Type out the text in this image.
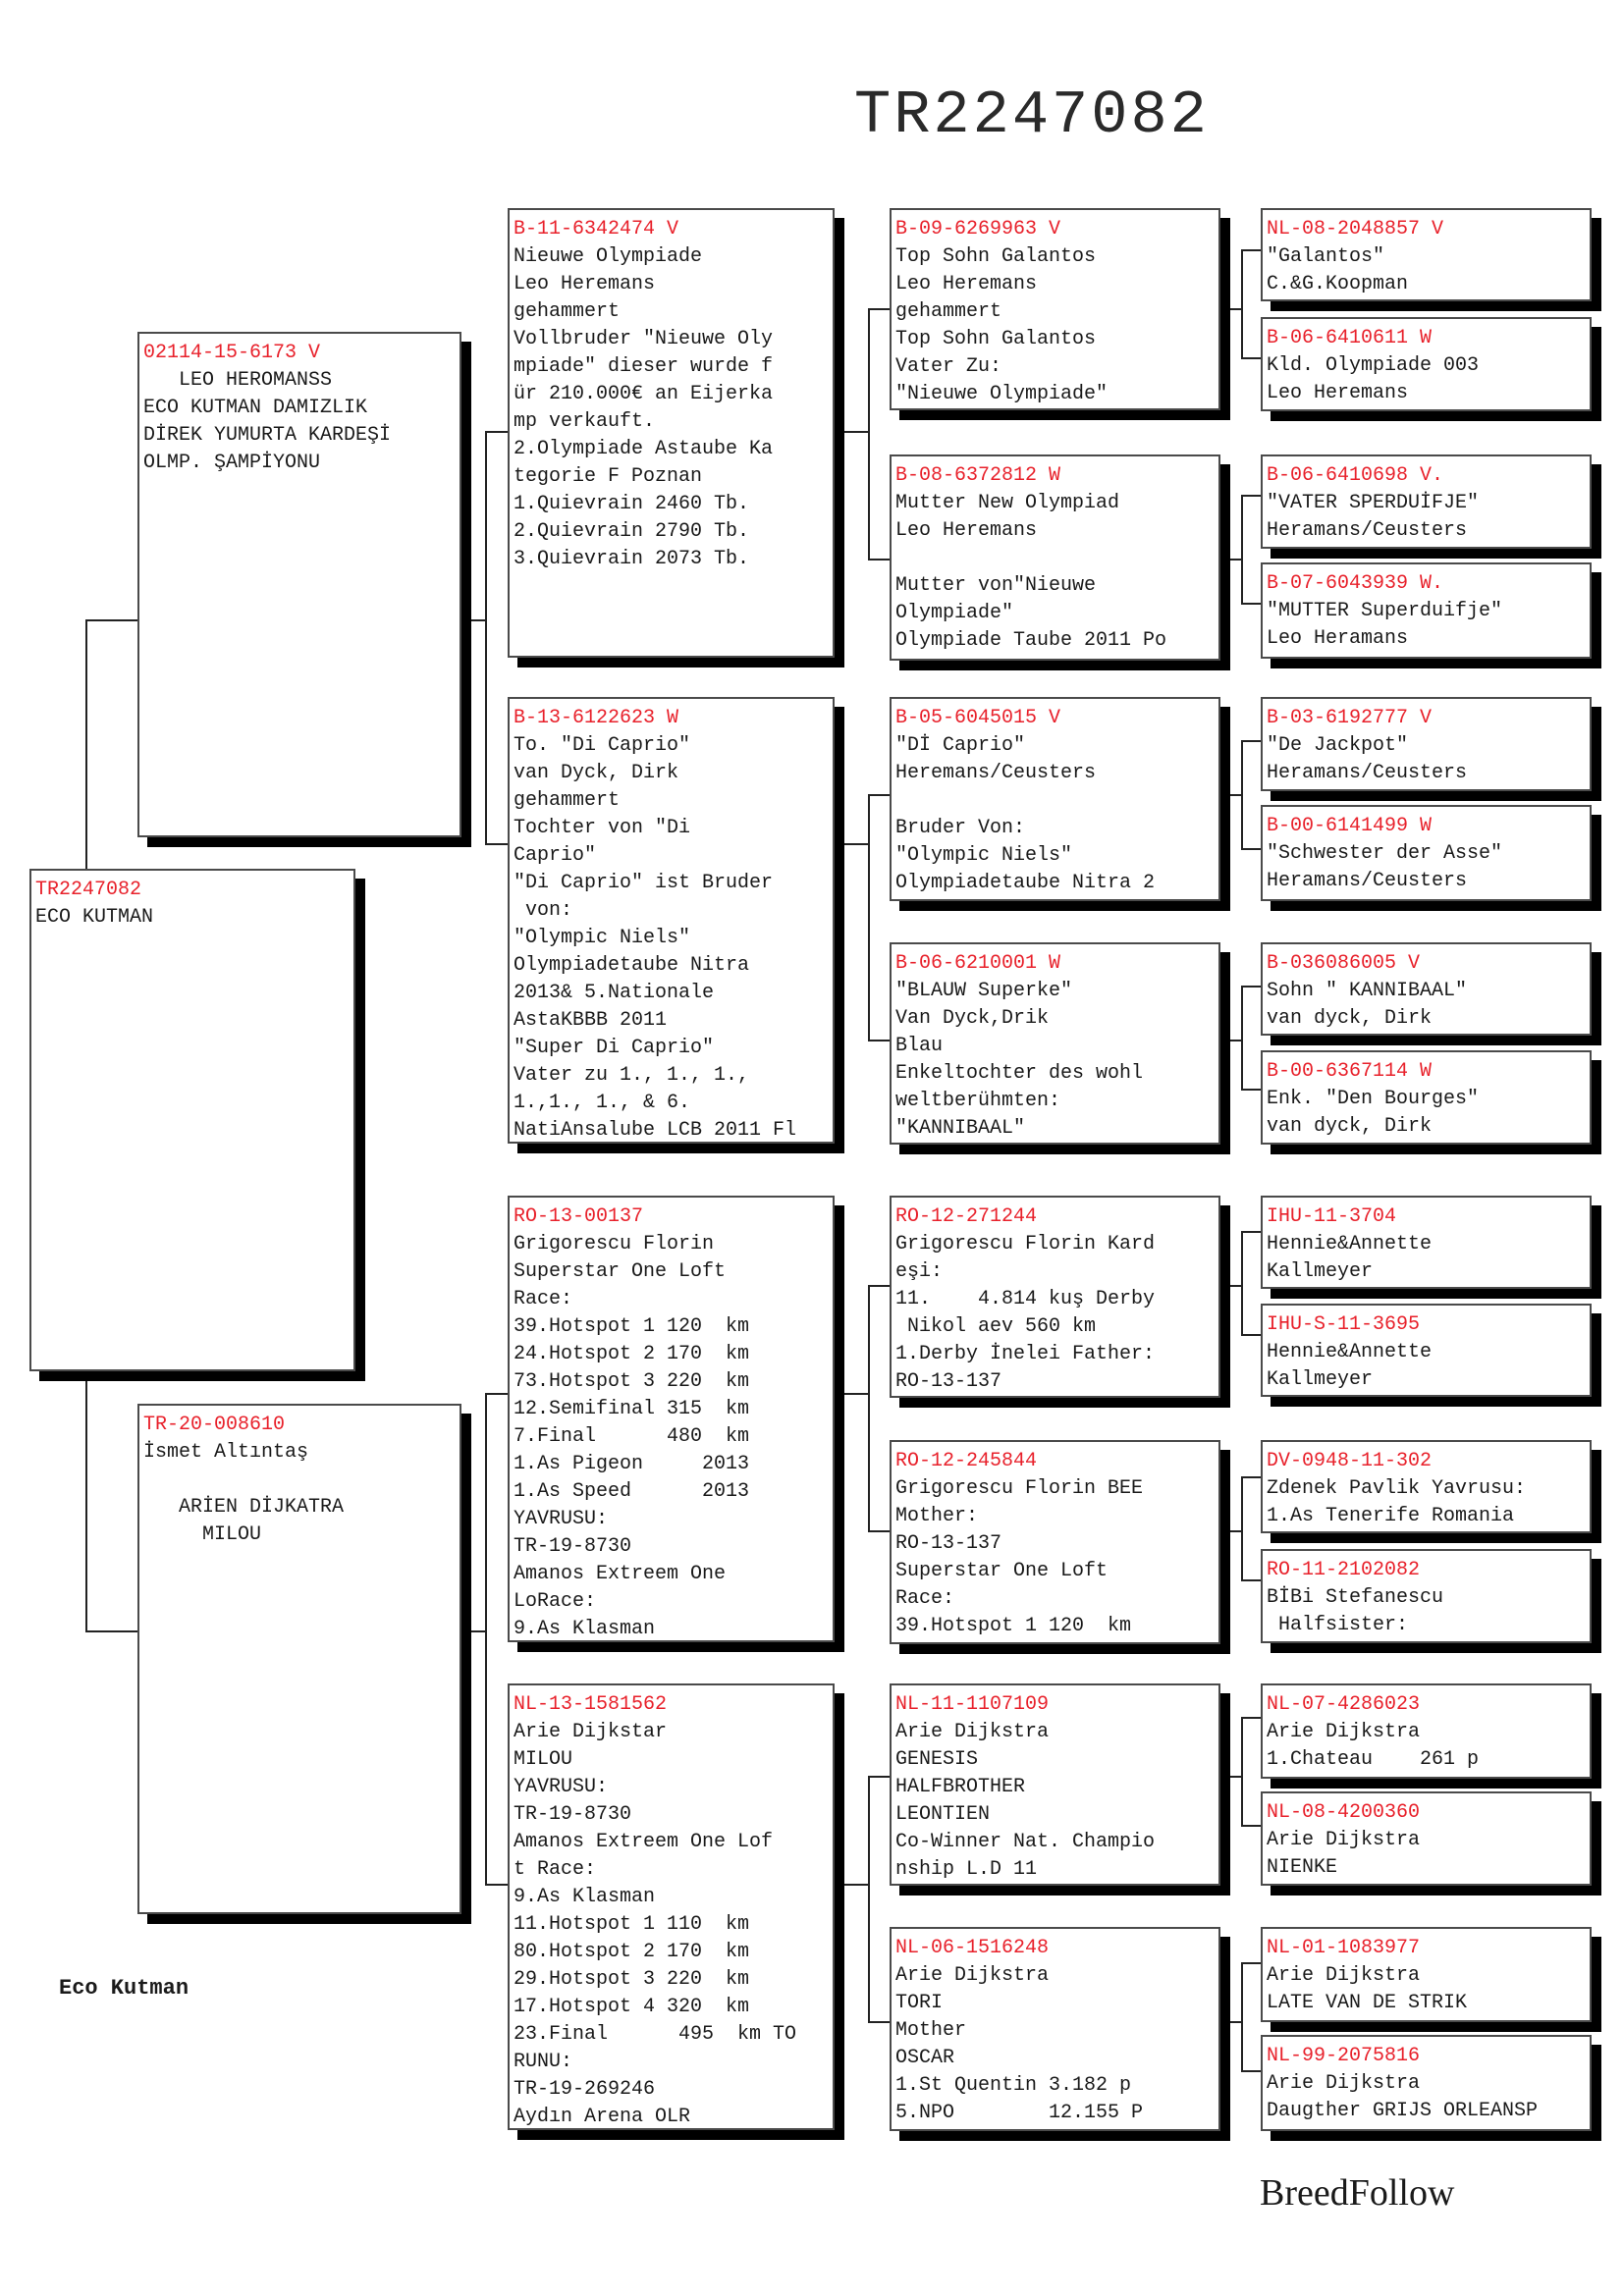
TR2247082
TR2247082
ECO KUTMAN
02114-15-6173 V
LEO HEROMANSS
ECO KUTMAN DAMIZLIK
DİREK YUMURTA KARDEŞİ
OLMP. ŞAMPİYONU
TR-20-008610
İsmet Altıntaş
ARİEN DİJKATRA
MILOU
B-11-6342474 V
Nieuwe Olympiade
Leo Heremans
gehammert
Vollbruder "Nieuwe Oly
mpiade" dieser wurde f
ür 210.000€ an Eijerka
mp verkauft.
2.Olympiade Astaube Ka
tegorie F Poznan
1.Quievrain 2460 Tb.
2.Quievrain 2790 Tb.
3.Quievrain 2073 Tb.
B-13-6122623 W
To. "Di Caprio"
van Dyck, Dirk
gehammert
Tochter von "Di
Caprio"
"Di Caprio" ist Bruder
von:
"Olympic Niels"
Olympiadetaube Nitra
2013& 5.Nationale
AstaKBBB 2011
"Super Di Caprio"
Vater zu 1., 1., 1.,
1.,1., 1., & 6.
NatiAnsalube LCB 2011 Fl
RO-13-00137
Grigorescu Florin
Superstar One Loft
Race:
39.Hotspot 1 120  km
24.Hotspot 2 170  km
73.Hotspot 3 220  km
12.Semifinal 315  km
7.Final      480  km
1.As Pigeon     2013
1.As Speed      2013
YAVRUSU:
TR-19-8730
Amanos Extreem One
LoRace:
9.As Klasman
NL-13-1581562
Arie Dijkstar
MILOU
YAVRUSU:
TR-19-8730
Amanos Extreem One Lof
t Race:
9.As Klasman
11.Hotspot 1 110  km
80.Hotspot 2 170  km
29.Hotspot 3 220  km
17.Hotspot 4 320  km
23.Final      495  km TO
RUNU:
TR-19-269246
Aydın Arena OLR
B-09-6269963 V
Top Sohn Galantos
Leo Heremans
gehammert
Top Sohn Galantos
Vater Zu:
"Nieuwe Olympiade"
B-08-6372812 W
Mutter New Olympiad
Leo Heremans
Mutter von"Nieuwe
Olympiade"
Olympiade Taube 2011 Po
B-05-6045015 V
"Dİ Caprio"
Heremans/Ceusters
Bruder Von:
"Olympic Niels"
Olympiadetaube Nitra 2
B-06-6210001 W
"BLAUW Superke"
Van Dyck,Drik
Blau
Enkeltochter des wohl
weltberühmten:
"KANNIBAAL"
RO-12-271244
Grigorescu Florin Kard
eşi:
11.    4.814 kuş Derby
Nikol aev 560 km
1.Derby İnelei Father:
RO-13-137
RO-12-245844
Grigorescu Florin BEE
Mother:
RO-13-137
Superstar One Loft
Race:
39.Hotspot 1 120  km
NL-11-1107109
Arie Dijkstra
GENESIS
HALFBROTHER
LEONTIEN
Co-Winner Nat. Champio
nship L.D 11
NL-06-1516248
Arie Dijkstra
TORI
Mother
OSCAR
1.St Quentin 3.182 p
5.NPO        12.155 P
NL-08-2048857 V
"Galantos"
C.&G.Koopman
B-06-6410611 W
Kld. Olympiade 003
Leo Heremans
B-06-6410698 V.
"VATER SPERDUİFJE"
Heramans/Ceusters
B-07-6043939 W.
"MUTTER Superduifje"
Leo Heramans
B-03-6192777 V
"De Jackpot"
Heramans/Ceusters
B-00-6141499 W
"Schwester der Asse"
Heramans/Ceusters
B-036086005 V
Sohn " KANNIBAAL"
van dyck, Dirk
B-00-6367114 W
Enk. "Den Bourges"
van dyck, Dirk
IHU-11-3704
Hennie&Annette
Kallmeyer
IHU-S-11-3695
Hennie&Annette
Kallmeyer
DV-0948-11-302
Zdenek Pavlik Yavrusu:
1.As Tenerife Romania
RO-11-2102082
BİBi Stefanescu
Halfsister:
NL-07-4286023
Arie Dijkstra
1.Chateau    261 p
NL-08-4200360
Arie Dijkstra
NIENKE
NL-01-1083977
Arie Dijkstra
LATE VAN DE STRIK
NL-99-2075816
Arie Dijkstra
Daugther GRIJS ORLEANSP
Eco Kutman
BreedFollow
